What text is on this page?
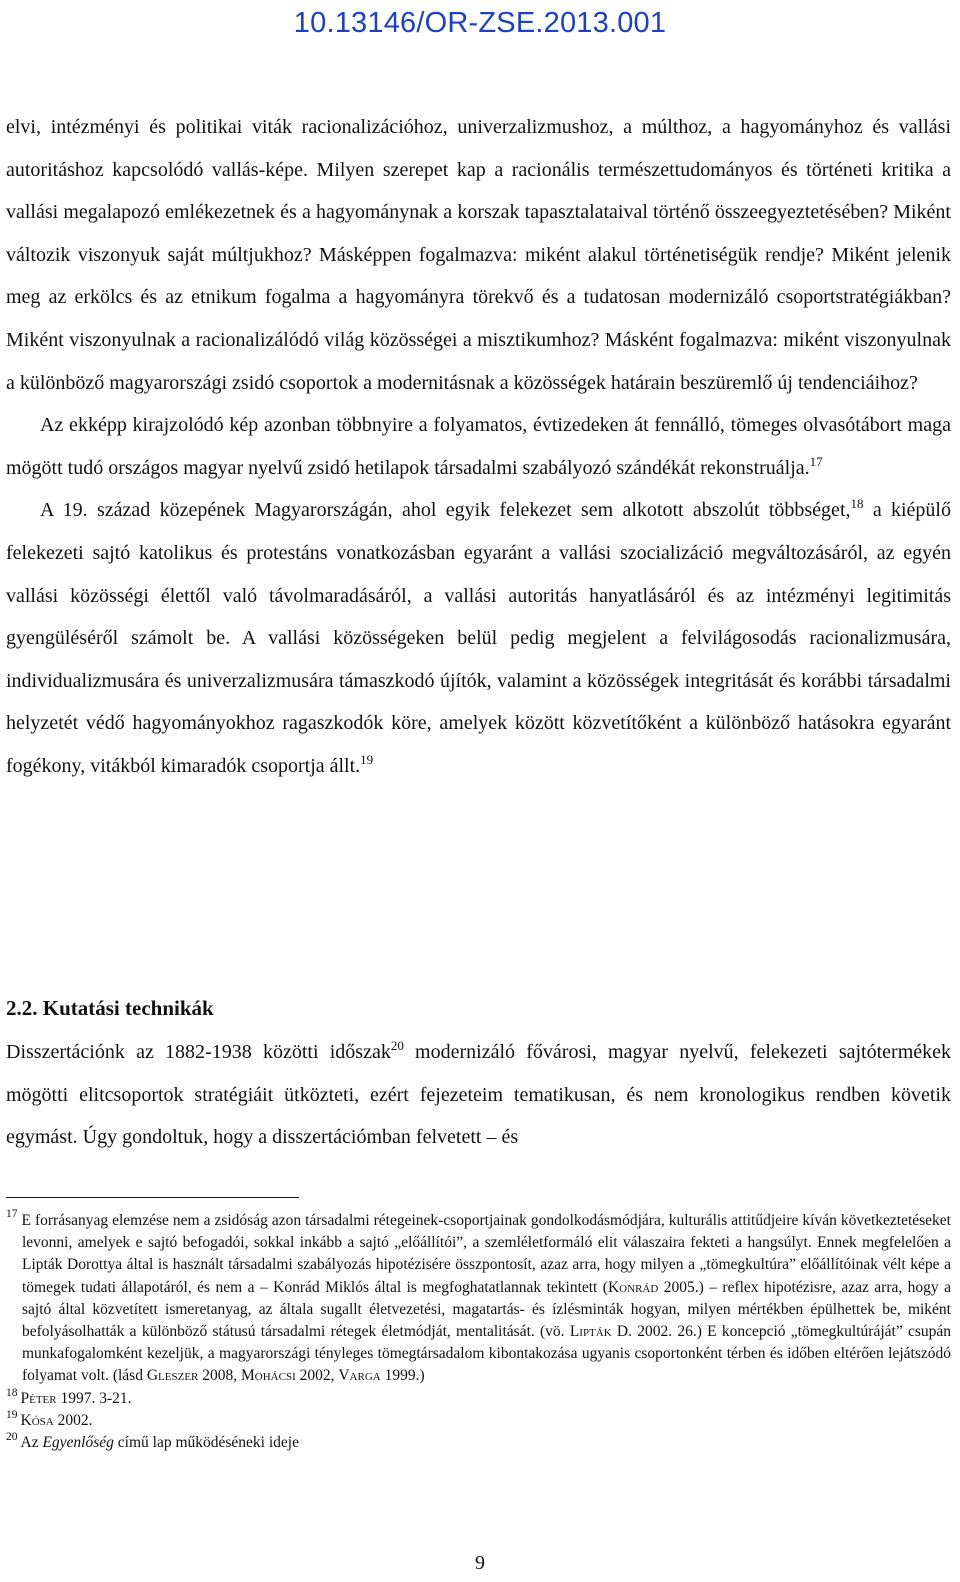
10.13146/OR-ZSE.2013.001

elvi, intézményi és politikai viták racionalizációhoz, univerzalizmushoz, a múlthoz, a hagyományhoz és vallási autoritáshoz kapcsolódó vallás-képe. Milyen szerepet kap a racionális természettudományos és történeti kritika a vallási megalapozó emlékezetnek és a hagyománynak a korszak tapasztalataival történő összeegyeztetésében? Miként változik viszonyuk saját múltjukhoz? Másképpen fogalmazva: miként alakul történetiségük rendje? Miként jelenik meg az erkölcs és az etnikum fogalma a hagyományra törekvő és a tudatosan modernizáló csoportstratégiákban? Miként viszonyulnak a racionalizálódó világ közösségei a misztikumhoz? Másként fogalmazva: miként viszonyulnak a különböző magyarországi zsidó csoportok a modernitásnak a közösségek határain beszüremlő új tendenciáihoz?

Az ekképp kirajzolódó kép azonban többnyire a folyamatos, évtizedeken át fennálló, tömeges olvasótábort maga mögött tudó országos magyar nyelvű zsidó hetilapok társadalmi szabályozó szándékát rekonstruálja.$^{17}$

A 19. század közepének Magyarországán, ahol egyik felekezet sem alkotott abszolút többséget,$^{18}$ a kiépülő felekezeti sajtó katolikus és protestáns vonatkozásban egyaránt a vallási szocializáció megváltozásáról, az egyén vallási közösségi élettől való távolmaradásáról, a vallási autoritás hanyatlásáról és az intézményi legitimitás gyengüléséről számolt be. A vallási közösségeken belül pedig megjelent a felvilágosodás racionalizmusára, individualizmusára és univerzalizmusára támaszkodó újítók, valamint a közösségek integritását és korábbi társadalmi helyzetét védő hagyományokhoz ragaszkodók köre, amelyek között közvetítőként a különböző hatásokra egyaránt fogékony, vitákból kimaradók csoportja állt.$^{19}$

2.2. Kutatási technikák

Disszertációnk az 1882-1938 közötti időszak$^{20}$ modernizáló fővárosi, magyar nyelvű, felekezeti sajtótermékek mögötti elitcsoportok stratégiáit ütközteti, ezért fejezeteim tematikusan, és nem kronologikus rendben követik egymást. Úgy gondoltuk, hogy a disszertációmban felvetett – és

$^{17}$ E forrásanyag elemzése nem a zsidóság azon társadalmi rétegeinek-csoportjainak gondolkodásmódjára, kulturális attitűdjeire kíván következtetéseket levonni, amelyek e sajtó befogadói, sokkal inkább a sajtó „előállítói”, a szemléletformáló elit válaszaira fekteti a hangsúlyt. Ennek megfelelően a Lipták Dorottya által is használt társadalmi szabályozás hipotézisére összpontosít, azaz arra, hogy milyen a „tömegkultúra” előállítóinak vélt képe a tömegek tudati állapotáról, és nem a – Konrád Miklós által is megfoghatatlannak tekintett (Konrád 2005.) – reflex hipotézisre, azaz arra, hogy a sajtó által közvetített ismeretanyag, az általa sugallt életvezetési, magatartás- és ízlésminták hogyan, milyen mértékben épülhettek be, miként befolyásolhatták a különböző státusú társadalmi rétegek életmódját, mentalitását. (vö. Lipták D. 2002. 26.) E koncepció „tömegkultúráját” csupán munkafogalomként kezeljük, a magyarországi tényleges tömegtársadalom kibontakozása ugyanis csoportonként térben és időben eltérően lejátszódó folyamat volt. (lásd Gleszer 2008, Mohácsi 2002, Varga 1999.)

$^{18}$ Péter 1997. 3-21.

$^{19}$ Kósa 2002.

$^{20}$ Az Egyenlőség című lap működéséneki ideje

9
